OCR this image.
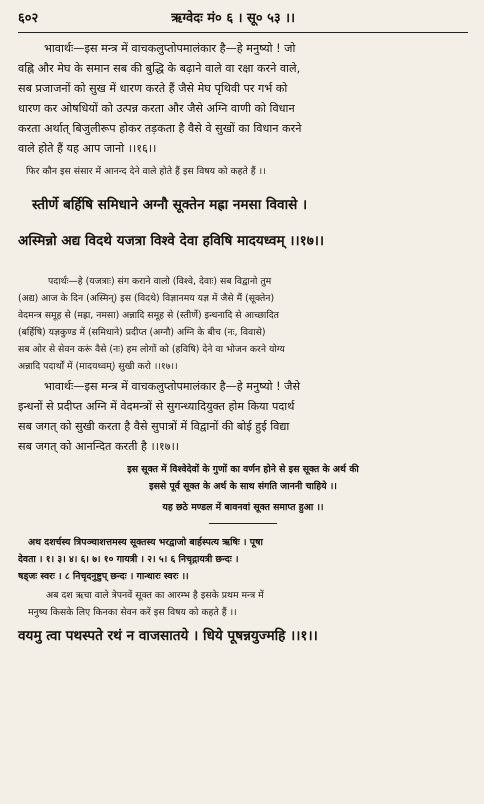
६०२	ऋग्वेदः मं० ६ । सू० ५३ ।।

भावार्थः—इस मन्त्र में वाचकलुप्तोपमालंकार है—हे मनुष्यो ! जो

वह्नि और मेघ के समान सब की बुद्धि के बढ़ाने वाले वा रक्षा करने वाले,

सब प्रजाजनों को सुख में धारण करते हैं जैसे मेघ पृथिवी पर गर्भ को

धारण कर ओषधियों को उत्पन्न करता और जैसे अग्नि वाणी को विधान

करता अर्थात् बिजुलीरूप होकर तड़कता है वैसे वे सुखों का विधान करने

वाले होते हैं यह आप जानो ।।१६।।

फिर कौन इस संसार में आनन्द देने वाले होते हैं इस विषय को कहते हैं ।।

स्तीर्णे बर्हिषि समिधाने अग्नौ सूक्तेन मह्रा नमसा विवासे ।

अस्मिन्नो अद्य विदथे यजत्रा विश्वे देवा हविषि मादयध्वम् ।।१७।।

पदार्थः—हे (यजत्राः) संग कराने वालो (विश्वे, देवाः) सब विद्वानो तुम

(अद्य) आज के दिन (अस्मिन्) इस (विदथे) विज्ञानमय यज्ञ में जैसे मैं (सूक्तेन)

वेदमन्त्र समूह से (मह्रा, नमसा) अन्नादि समूह से (स्तीर्णे) इन्धनादि से आच्छादित

(बर्हिषि) यज्ञकुण्ड में (समिधाने) प्रदीप्त (अग्नौ) अग्नि के बीच (नः, विवासे)

सब ओर से सेवन करूं वैसे (नः) हम लोगों को (हविषि) देने वा भोजन करने योग्य

अन्नादि पदार्थों में (मादयध्वम्) सुखी करो ।।१७।।

भावार्थः—इस मन्त्र में वाचकलुप्तोपमालंकार है—हे मनुष्यो ! जैसे

इन्धनों से प्रदीप्त अग्नि में वेदमन्त्रों से सुगन्ध्यादियुक्त होम किया पदार्थ

सब जगत् को सुखी करता है वैसे सुपात्रों में विद्वानों की बोई हुई विद्या

सब जगत् को आनन्दित करती है ।।१७।।

इस सूक्त में विश्वेदेवों के गुणों का वर्णन होने से इस सूक्त के अर्थ की

इससे पूर्व सूक्त के अर्थ के साथ संगति जाननी चाहिये ।।

यह छठे मण्डल में बावनवां सूक्त समाप्त हुआ ।।

अथ दशर्चस्य त्रिपञ्चाशत्तमस्य सूक्तस्य भरद्वाजो बार्हस्पत्य ऋषिः । पूषा

देवता । १। ३। ४। ६। ७। १० गायत्री । २। ५। ६ निचृद्गायत्री छन्दः ।

षड्जः स्वरः । ८ निचृदनुष्टुप् छन्दः । गान्धारः स्वरः ।।

अब दश ऋचा वाले त्रेपनवें सूक्त का आरम्भ है इसके प्रथम मन्त्र में

मनुष्य किसके लिए किनका सेवन करें इस विषय को कहते हैं ।।

वयमु त्वा पथस्पते रथं न वाजसातये । धिये पूषन्नयुज्महि ।।१।।
